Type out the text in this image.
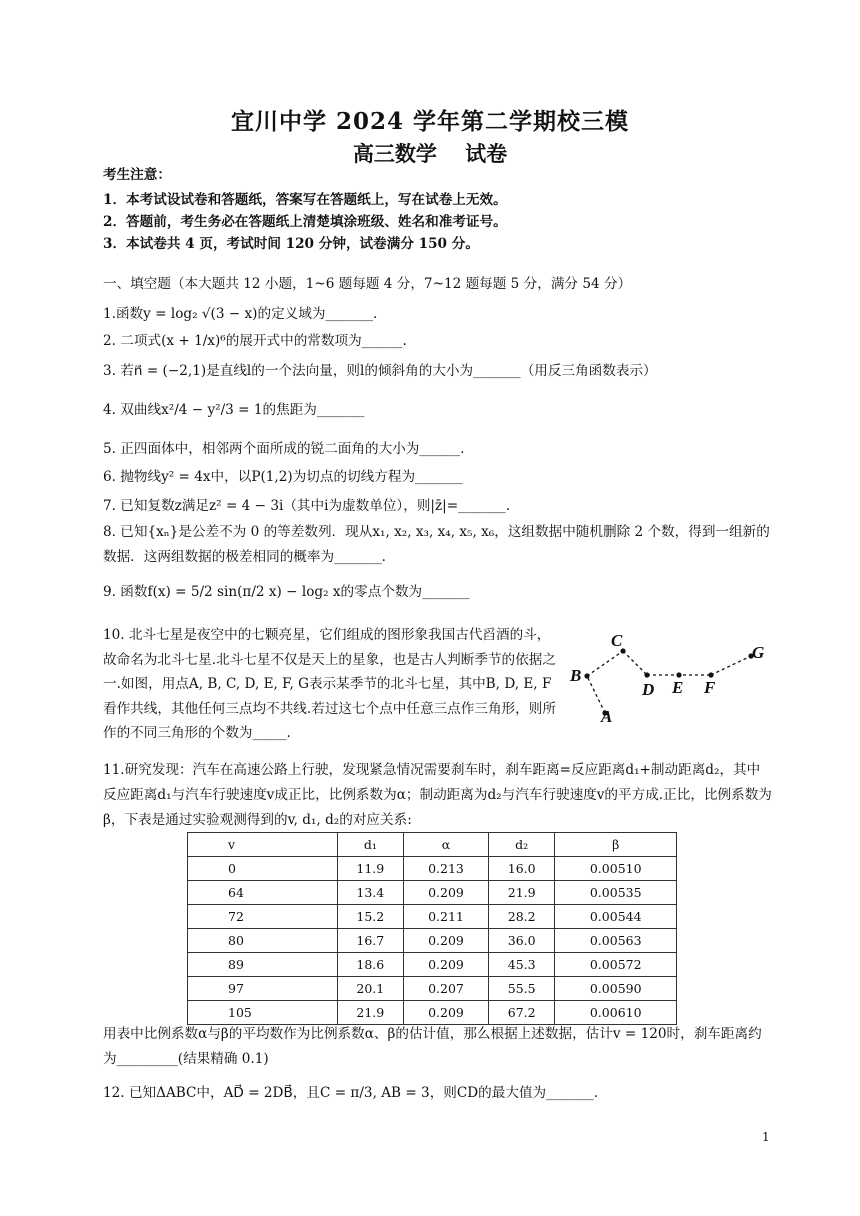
宜川中学 2024 学年第二学期校三模
高三数学　 试卷
考生注意：
1．本考试设试卷和答题纸，答案写在答题纸上，写在试卷上无效。
2．答题前，考生务必在答题纸上清楚填涂班级、姓名和准考证号。
3．本试卷共 4 页，考试时间 120 分钟，试卷满分 150 分。
一、填空题（本大题共 12 小题，1~6 题每题 4 分，7~12 题每题 5 分，满分 54 分）
1.函数y = log₂ √(3 − x)的定义域为_______.
2. 二项式(x + 1/x)⁶的展开式中的常数项为______.
3. 若n⃗ = (−2,1)是直线l的一个法向量，则l的倾斜角的大小为_______（用反三角函数表示）
4. 双曲线x²/4 − y²/3 = 1的焦距为_______
5. 正四面体中，相邻两个面所成的锐二面角的大小为______.
6. 抛物线y² = 4x中，以P(1,2)为切点的切线方程为_______
7. 已知复数z满足z² = 4 − 3i（其中i为虚数单位），则|z̄|=_______.
8. 已知{xₙ}是公差不为 0 的等差数列．现从x₁, x₂, x₃, x₄, x₅, x₆，这组数据中随机删除 2 个数，得到一组新的数据．这两组数据的极差相同的概率为_______.
9. 函数f(x) = 5/2 sin(π/2 x) − log₂ x的零点个数为_______
10. 北斗七星是夜空中的七颗亮星，它们组成的图形象我国古代舀酒的斗，故命名为北斗七星.北斗七星不仅是天上的星象，也是古人判断季节的依据之一.如图，用点A, B, C, D, E, F, G表示某季节的北斗七星，其中B, D, E, F看作共线，其他任何三点均不共线.若过这七个点中任意三点作三角形，则所作的不同三角形的个数为_____.
A
B
C
D E F
G
11.研究发现：汽车在高速公路上行驶，发现紧急情况需要刹车时，刹车距离=反应距离d₁+制动距离d₂，其中反应距离d₁与汽车行驶速度v成正比，比例系数为α；制动距离为d₂与汽车行驶速度v的平方成.正比，比例系数为β，下表是通过实验观测得到的v, d₁, d₂的对应关系:
v	d₁	α	d₂	β
0	11.9	0.213	16.0	0.00510
64	13.4	0.209	21.9	0.00535
72	15.2	0.211	28.2	0.00544
80	16.7	0.209	36.0	0.00563
89	18.6	0.209	45.3	0.00572
97	20.1	0.207	55.5	0.00590
105	21.9	0.209	67.2	0.00610
用表中比例系数α与β的平均数作为比例系数α、β的估计值，那么根据上述数据，估计v = 120时，刹车距离约为_________(结果精确 0.1)
12. 已知ΔABC中，AD⃗ = 2DB⃗，且C = π/3, AB = 3，则CD的最大值为_______.
1
